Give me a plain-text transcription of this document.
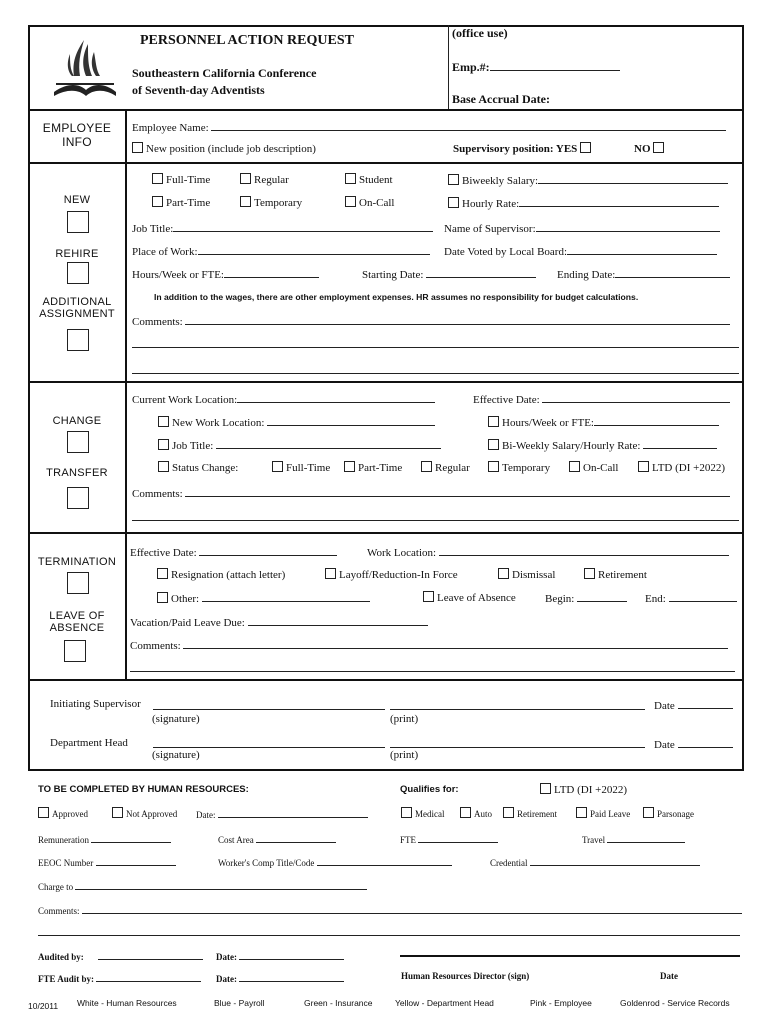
PERSONNEL ACTION REQUEST
Southeastern California Conference
of Seventh-day Adventists
(office use)
Emp.#:
Base Accrual Date:
EMPLOYEE
INFO
Employee Name:
New position (include job description)	Supervisory position: YES	NO
NEW
REHIRE
ADDITIONAL
ASSIGNMENT
Full-Time	Regular	Student	Biweekly Salary:
Part-Time	Temporary	On-Call	Hourly Rate:
Job Title:	Name of Supervisor:
Place of Work:	Date Voted by Local Board:
Hours/Week or FTE:	Starting Date:	Ending Date:
In addition to the wages, there are other employment expenses. HR assumes no responsibility for budget calculations.
Comments:
CHANGE
TRANSFER
Current Work Location:	Effective Date:
New Work Location:	Hours/Week or FTE:
Job Title:	Bi-Weekly Salary/Hourly Rate:
Status Change:	Full-Time	Part-Time	Regular	Temporary	On-Call	LTD (DI +2022)
Comments:
TERMINATION
LEAVE OF
ABSENCE
Effective Date:	Work Location:
Resignation (attach letter)	Layoff/Reduction-In Force	Dismissal	Retirement
Other:	Leave of Absence	Begin:	End:
Vacation/Paid Leave Due:
Comments:
Initiating Supervisor	Date
(signature)	(print)
Department Head	Date
(signature)	(print)
TO BE COMPLETED BY HUMAN RESOURCES:	Qualifies for:	LTD (DI +2022)
Approved	Not Approved Date:	Medical	Auto	Retirement	Paid Leave	Parsonage
Remuneration	Cost Area	FTE	Travel
EEOC Number	Worker's Comp Title/Code	Credential
Charge to
Comments:
Audited by:	Date:
FTE Audit by:	Date:	Human Resources Director (sign)	Date
10/2011 White - Human Resources	Blue - Payroll	Green - Insurance	Yellow - Department Head	Pink - Employee	Goldenrod - Service Records
